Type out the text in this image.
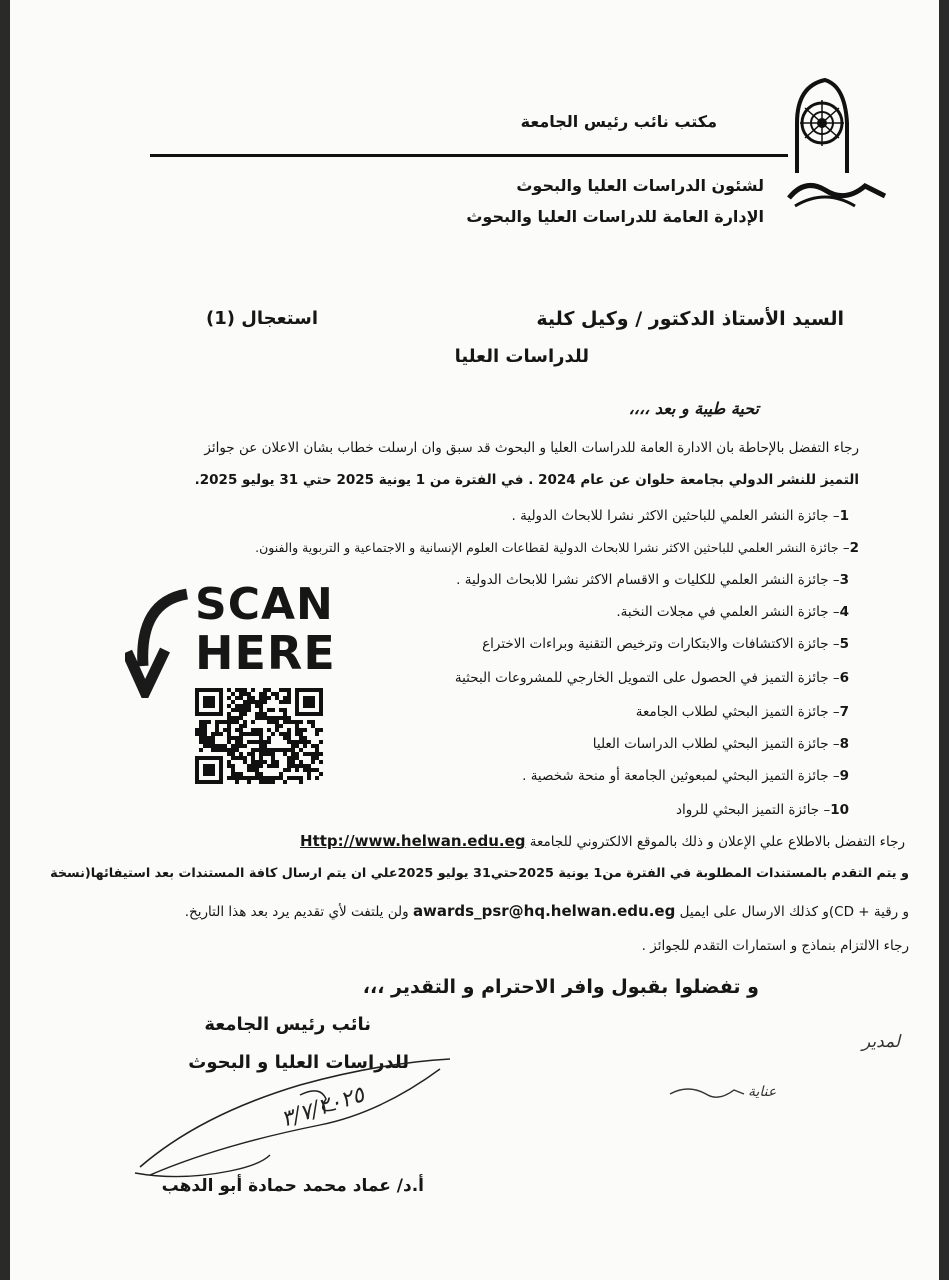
مكتب نائب رئيس الجامعة
لشئون الدراسات العليا والبحوث
الإدارة العامة للدراسات العليا والبحوث
السيد الأستاذ الدكتور / وكيل كلية
استعجال (1)
للدراسات العليا
تحية طيبة و بعد ،،،،
رجاء التفضل بالإحاطة بان الادارة العامة للدراسات العليا و البحوث قد سبق وان ارسلت خطاب بشان الاعلان عن جوائز
التميز للنشر الدولي بجامعة حلوان عن عام 2024 . في الفترة من 1 يونية 2025 حتي 31 يوليو 2025.
1– جائزة النشر العلمي للباحثين الاكثر نشرا للابحاث الدولية .
2– جائزة النشر العلمي للباحثين الاكثر نشرا للابحاث الدولية لقطاعات العلوم الإنسانية و الاجتماعية و التربوية والفنون.
3– جائزة النشر العلمي للكليات و الاقسام الاكثر نشرا للابحاث الدولية .
4– جائزة النشر العلمي في مجلات النخبة.
5– جائزة الاكتشافات والابتكارات وترخيص التقنية وبراءات الاختراع
6– جائزة التميز في الحصول على التمويل الخارجي للمشروعات البحثية
7– جائزة التميز البحثي لطلاب الجامعة
8– جائزة التميز البحثي لطلاب الدراسات العليا
9– جائزة التميز البحثي لمبعوثين الجامعة أو منحة شخصية .
10– جائزة التميز البحثي للرواد
SCAN
HERE
رجاء التفضل بالاطلاع علي الإعلان و ذلك بالموقع الالكتروني للجامعة Http://www.helwan.edu.eg
و يتم التقدم بالمستندات المطلوبة في الفترة من1 يونية 2025حتي31 يوليو 2025علي ان يتم ارسال كافة المستندات بعد استيفائها(نسخة
و رقية + CD)و كذلك الارسال على ايميل awards_psr@hq.helwan.edu.eg ولن يلتفت لأي تقديم يرد بعد هذا التاريخ.
رجاء الالتزام بنماذج و استمارات التقدم للجوائز .
و تفضلوا بقبول وافر الاحترام و التقدير ،،،
نائب رئيس الجامعة
للدراسات العليا و البحوث
٣/٧/٢٠٢٥
أ.د/ عماد محمد حمادة أبو الدهب
لمدير
عناية
